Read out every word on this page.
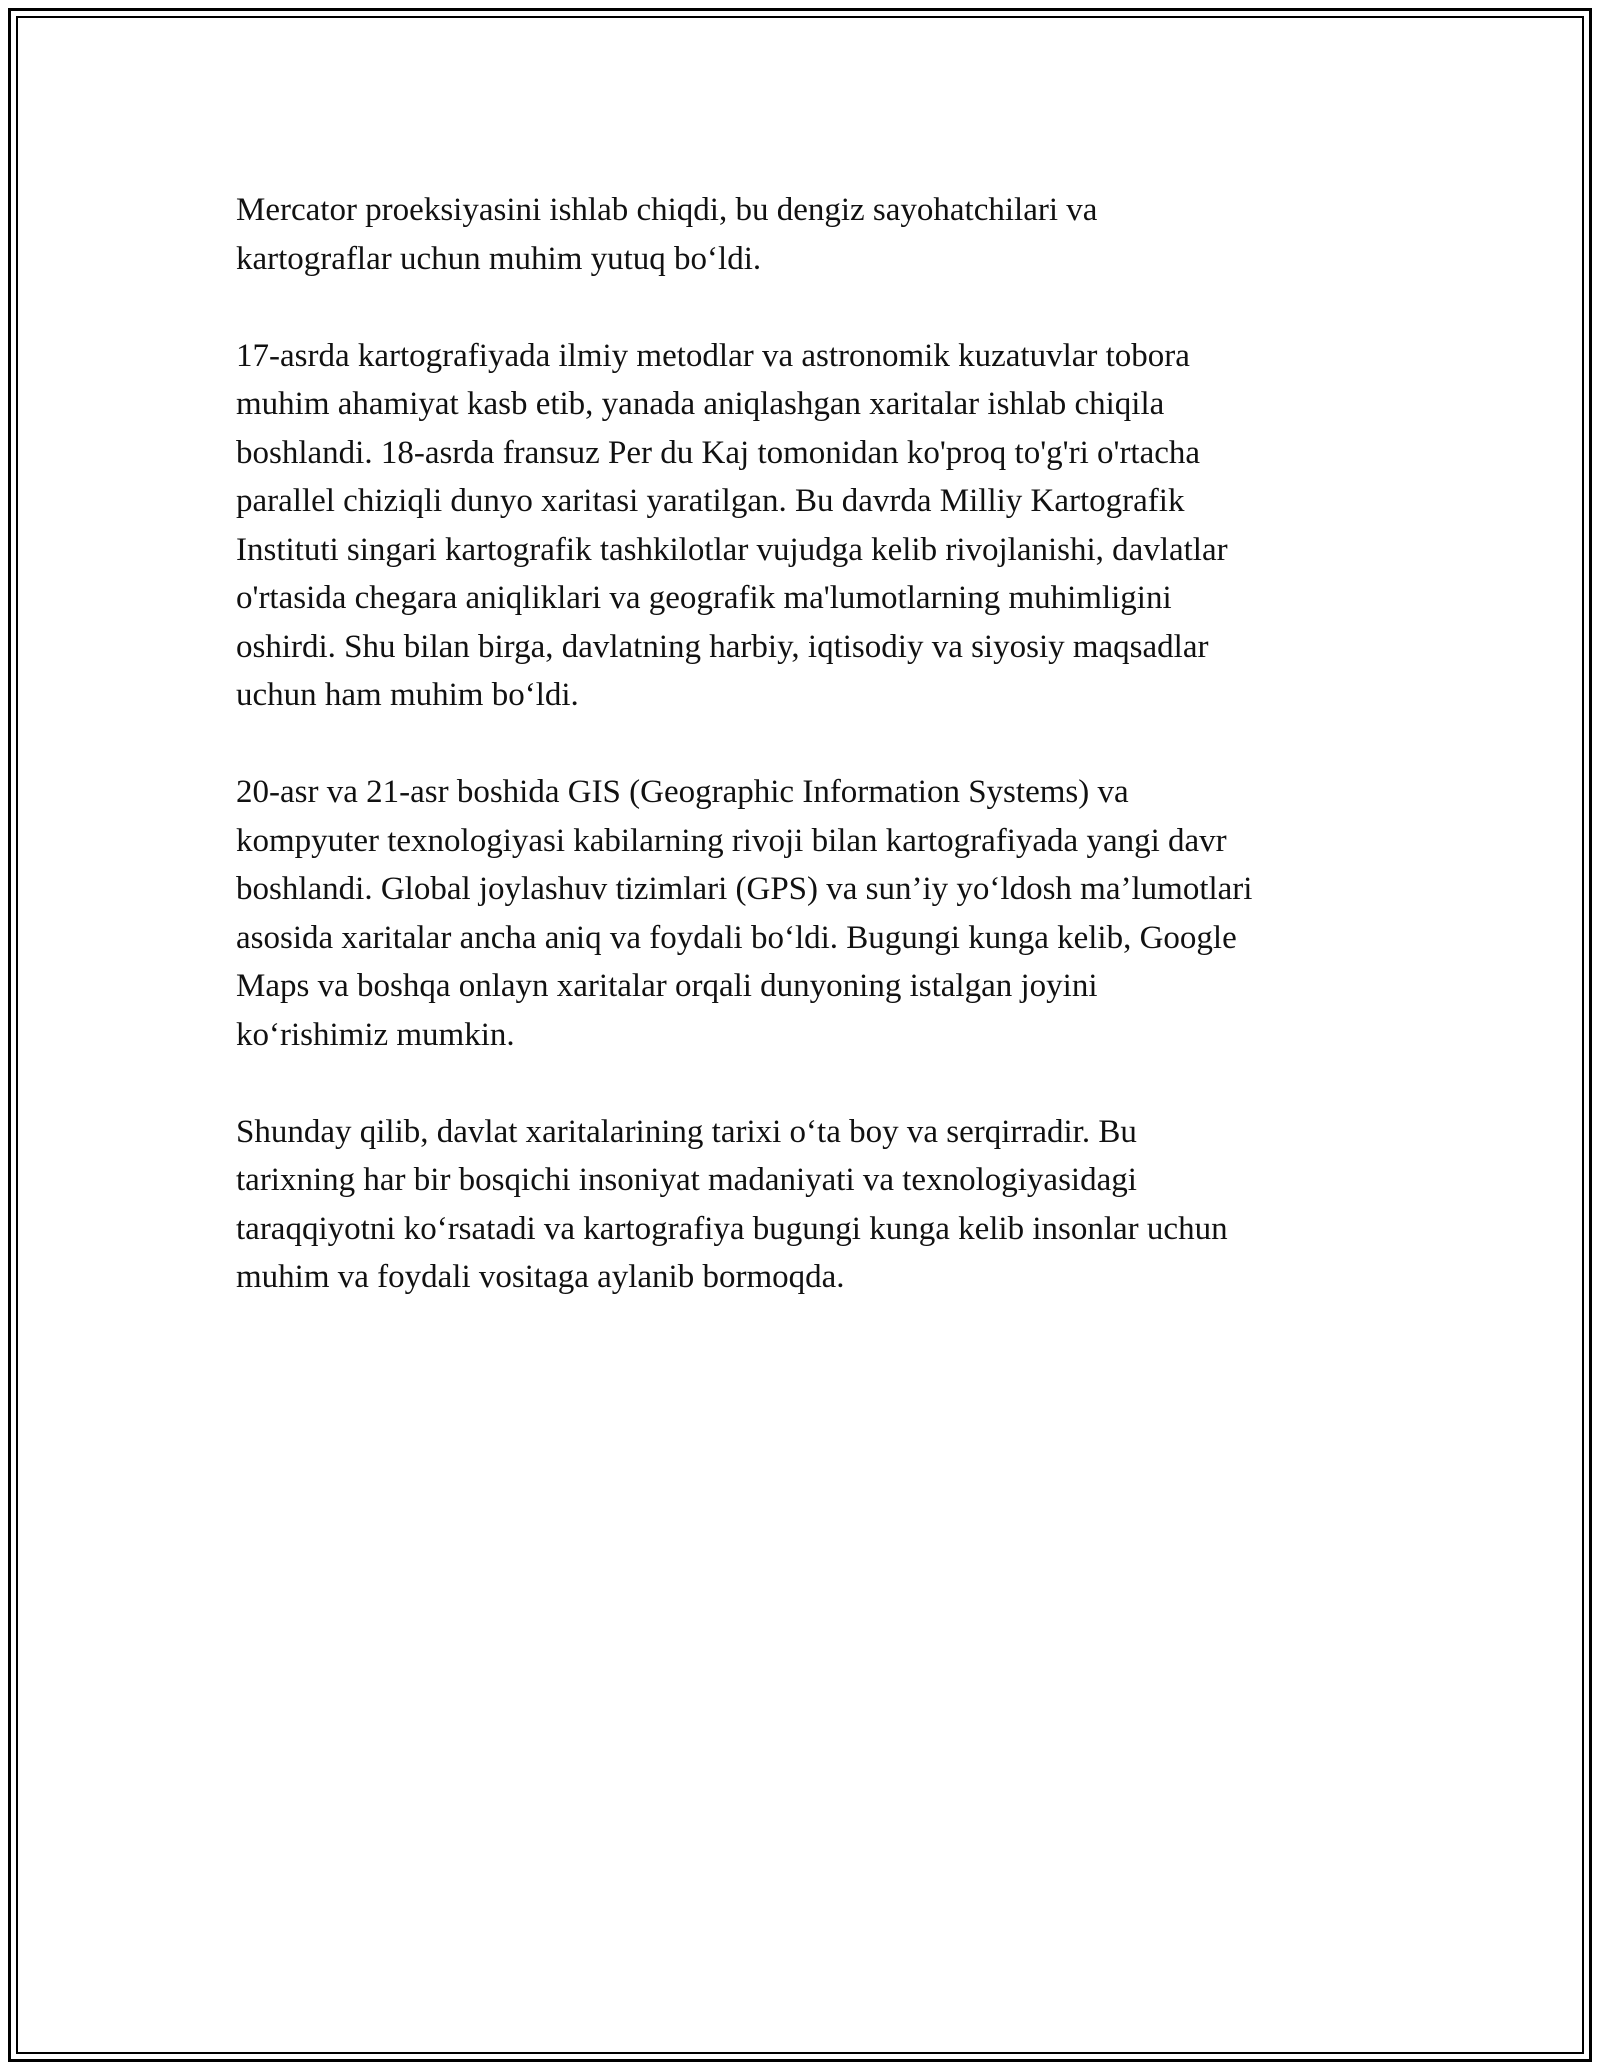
Mercator proeksiyasini ishlab chiqdi, bu dengiz sayohatchilari va
kartograflar uchun muhim yutuq bo‘ldi.

17-asrda kartografiyada ilmiy metodlar va astronomik kuzatuvlar tobora
muhim ahamiyat kasb etib, yanada aniqlashgan xaritalar ishlab chiqila
boshlandi. 18-asrda fransuz Per du Kaj tomonidan ko'proq to'g'ri o'rtacha
parallel chiziqli dunyo xaritasi yaratilgan. Bu davrda Milliy Kartografik
Instituti singari kartografik tashkilotlar vujudga kelib rivojlanishi, davlatlar
o'rtasida chegara aniqliklari va geografik ma'lumotlarning muhimligini
oshirdi. Shu bilan birga, davlatning harbiy, iqtisodiy va siyosiy maqsadlar
uchun ham muhim bo‘ldi.

20-asr va 21-asr boshida GIS (Geographic Information Systems) va
kompyuter texnologiyasi kabilarning rivoji bilan kartografiyada yangi davr
boshlandi. Global joylashuv tizimlari (GPS) va sun’iy yo‘ldosh ma’lumotlari
asosida xaritalar ancha aniq va foydali bo‘ldi. Bugungi kunga kelib, Google
Maps va boshqa onlayn xaritalar orqali dunyoning istalgan joyini
ko‘rishimiz mumkin.

Shunday qilib, davlat xaritalarining tarixi o‘ta boy va serqirradir. Bu
tarixning har bir bosqichi insoniyat madaniyati va texnologiyasidagi
taraqqiyotni ko‘rsatadi va kartografiya bugungi kunga kelib insonlar uchun
muhim va foydali vositaga aylanib bormoqda.
